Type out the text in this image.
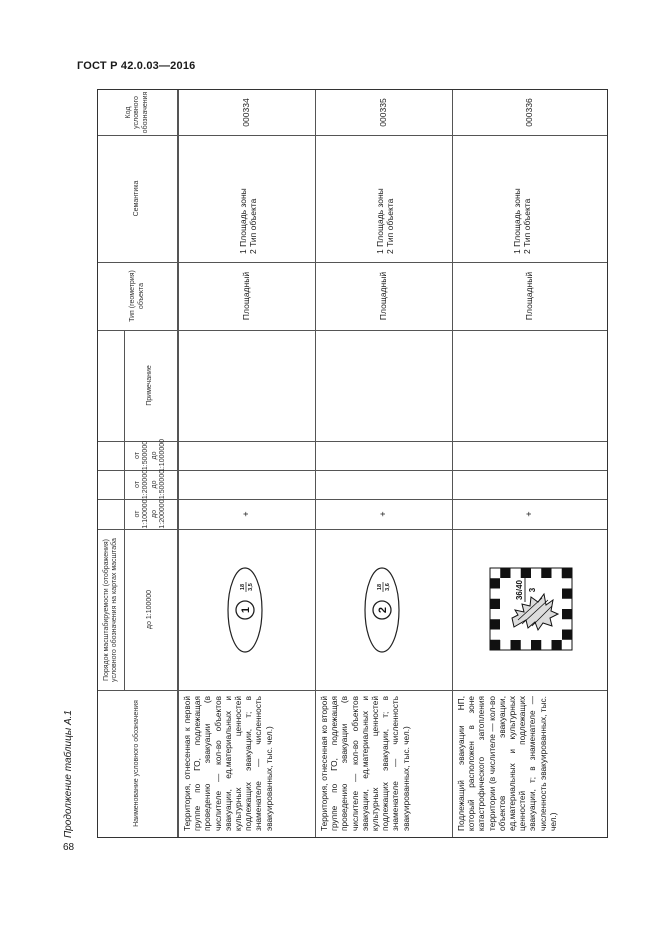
ГОСТ Р 42.0.03—2016
68
Продолжение таблицы А.1
Код условного обозначения
Семантика
Тип (геометрия) объекта
Порядок масштабируемости (отображения) условного обозначения на картах масштаба
Примечание
от 1:500000 до 1:1000000
от 1:200000 до 1:500000
от 1:100000 до 1:200000
до 1:100000
Наименование условного обозначения
000334
1 Площадь зоны
2 Тип объекта
Площадный
+
Территория, отнесенная к первой группе по ГО, подлежащая проведению эвакуации (в числителе — кол-во объектов эвакуации, ед.материальных и культурных ценностей подлежащих эвакуации, т; в знаменателе — численность эвакуированных, тыс. чел.)
1
18 3,5
000335
1 Площадь зоны
2 Тип объекта
Площадный
+
Территория, отнесенная ко второй группе по ГО, подлежащая проведению эвакуации (в числителе — кол-во объектов эвакуации, ед.материальных и культурных ценностей подлежащих эвакуации, т; в знаменателе — численность эвакуированных, тыс. чел.)
2
18 3,6
000336
1 Площадь зоны
2 Тип объекта
Площадный
+
Подлежащий эвакуации НП, который расположен в зоне катастрофического затопления территории (в числителе — кол-во объектов эвакуации, ед.материальных и культурных ценностей подлежащих эвакуации, т; в знаменателе — численность эвакуированных, тыс. чел.)
36/40 3
